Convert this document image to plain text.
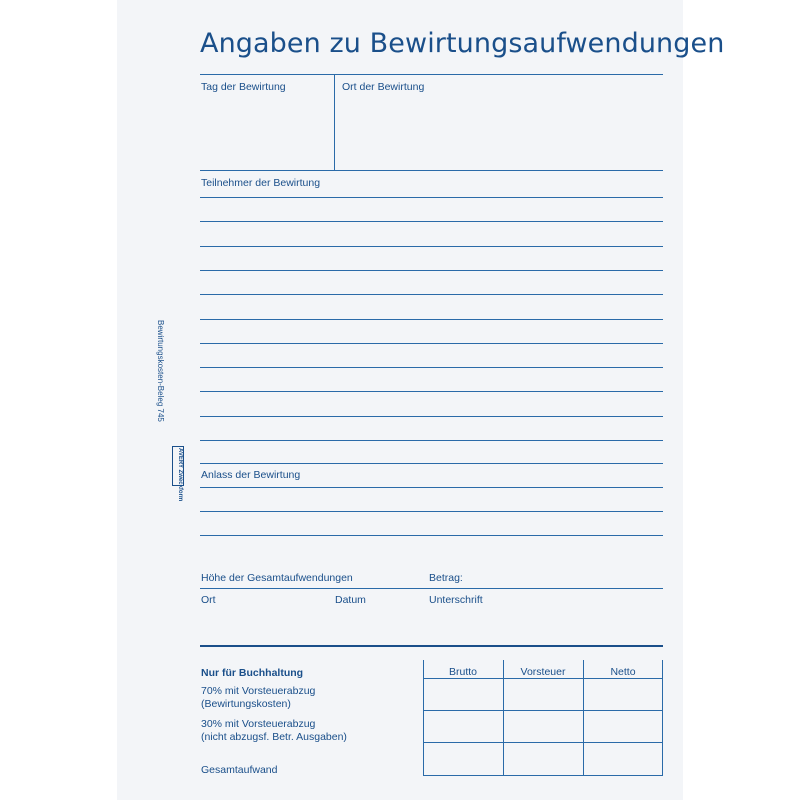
Angaben zu Bewirtungsaufwendungen
Bewirtungskosten-Beleg 745
AVERY Zweckform
Tag der Bewirtung	Ort der Bewirtung
Teilnehmer der Bewirtung
Anlass der Bewirtung
Höhe der Gesamtaufwendungen	Betrag:
Ort	Datum	Unterschrift
Nur für Buchhaltung
70% mit Vorsteuerabzug
(Bewirtungskosten)
30% mit Vorsteuerabzug
(nicht abzugsf. Betr. Ausgaben)
Gesamtaufwand
Brutto	Vorsteuer	Netto
